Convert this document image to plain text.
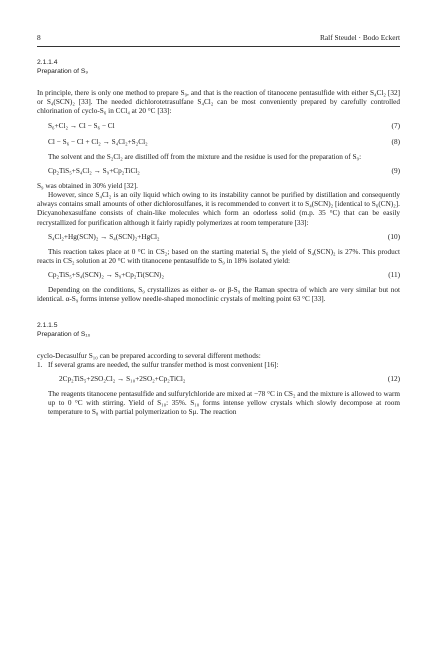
8	Ralf Steudel · Bodo Eckert
2.1.1.4
Preparation of S₉

In principle, there is only one method to prepare S₉, and that is the reaction of titanocene pentasulfide with either S₄Cl₂ [32] or S₄(SCN)₂ [33]. The needed dichlorotetrasulfane S₄Cl₂ can be most conveniently prepared by carefully controlled chlorination of cyclo-S₆ in CCl₄ at 20 °C [33]:

S₆+Cl₂ → Cl − S₆ − Cl	(7)
Cl − S₆ − Cl + Cl₂ → S₄Cl₂+S₂Cl₂	(8)

The solvent and the S₂Cl₂ are distilled off from the mixture and the residue is used for the preparation of S₉:

Cp₂TiS₅+S₄Cl₂ → S₉+Cp₂TiCl₂	(9)

S₉ was obtained in 30% yield [32].

However, since S₄Cl₂ is an oily liquid which owing to its instability cannot be purified by distillation and consequently always contains small amounts of other dichlorosulfanes, it is recommended to convert it to S₄(SCN)₂ [identical to S₆(CN)₂]. Dicyanohexasulfane consists of chain-like molecules which form an odorless solid (m.p. 35 °C) that can be easily recrystallized for purification although it fairly rapidly polymerizes at room temperature [33]:

S₄Cl₂+Hg(SCN)₂ → S₄(SCN)₂+HgCl₂	(10)

This reaction takes place at 0 °C in CS₂; based on the starting material S₆ the yield of S₄(SCN)₂ is 27%. This product reacts in CS₂ solution at 20 °C with titanocene pentasulfide to S₉ in 18% isolated yield:

Cp₂TiS₅+S₄(SCN)₂ → S₉+Cp₂Ti(SCN)₂	(11)

Depending on the conditions, S₉ crystallizes as either α- or β-S₉ the Raman spectra of which are very similar but not identical. α-S₉ forms intense yellow needle-shaped monoclinic crystals of melting point 63 °C [33].

2.1.1.5
Preparation of S₁₀

cyclo-Decasulfur S₁₀ can be prepared according to several different methods:

1. If several grams are needed, the sulfur transfer method is most convenient [16]:

2Cp₂TiS₅+2SO₂Cl₂ → S₁₀+2SO₂+Cp₂TiCl₂	(12)

The reagents titanocene pentasulfide and sulfurylchloride are mixed at −78 °C in CS₂ and the mixture is allowed to warm up to 0 °C with stirring. Yield of S₁₀: 35%. S₁₀ forms intense yellow crystals which slowly decompose at room temperature to S₈ with partial polymerization to Sμ. The reaction
